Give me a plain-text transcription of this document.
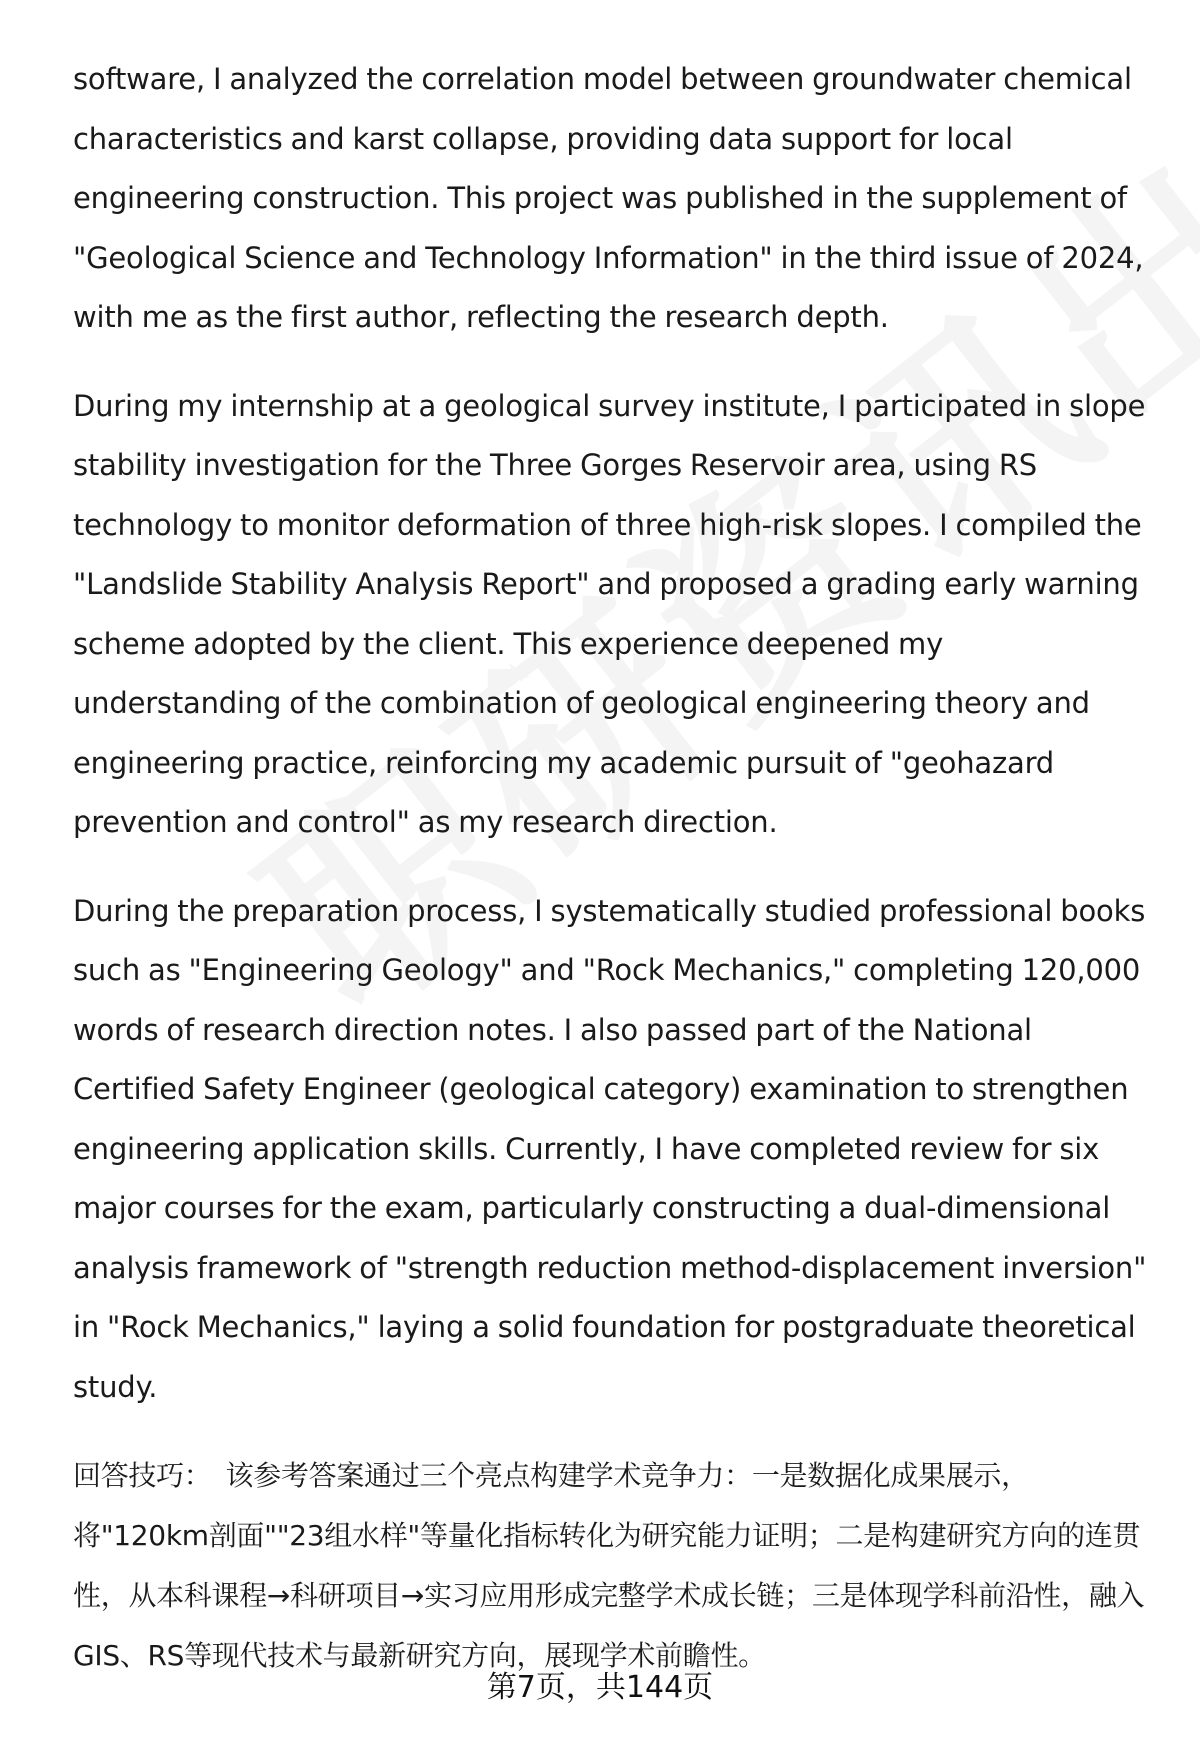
software, I analyzed the correlation model between groundwater chemical characteristics and karst collapse, providing data support for local engineering construction. This project was published in the supplement of "Geological Science and Technology Information" in the third issue of 2024, with me as the first author, reflecting the research depth.

During my internship at a geological survey institute, I participated in slope stability investigation for the Three Gorges Reservoir area, using RS technology to monitor deformation of three high-risk slopes. I compiled the "Landslide Stability Analysis Report" and proposed a grading early warning scheme adopted by the client. This experience deepened my understanding of the combination of geological engineering theory and engineering practice, reinforcing my academic pursuit of "geohazard prevention and control" as my research direction.

During the preparation process, I systematically studied professional books such as "Engineering Geology" and "Rock Mechanics," completing 120,000 words of research direction notes. I also passed part of the National Certified Safety Engineer (geological category) examination to strengthen engineering application skills. Currently, I have completed review for six major courses for the exam, particularly constructing a dual-dimensional analysis framework of "strength reduction method-displacement inversion" in "Rock Mechanics," laying a solid foundation for postgraduate theoretical study.

回答技巧： 该参考答案通过三个亮点构建学术竞争力：一是数据化成果展示，将"120km剖面""23组水样"等量化指标转化为研究能力证明；二是构建研究方向的连贯性，从本科课程→科研项目→实习应用形成完整学术成长链；三是体现学科前沿性，融入GIS、RS等现代技术与最新研究方向，展现学术前瞻性。

第7页，共144页
